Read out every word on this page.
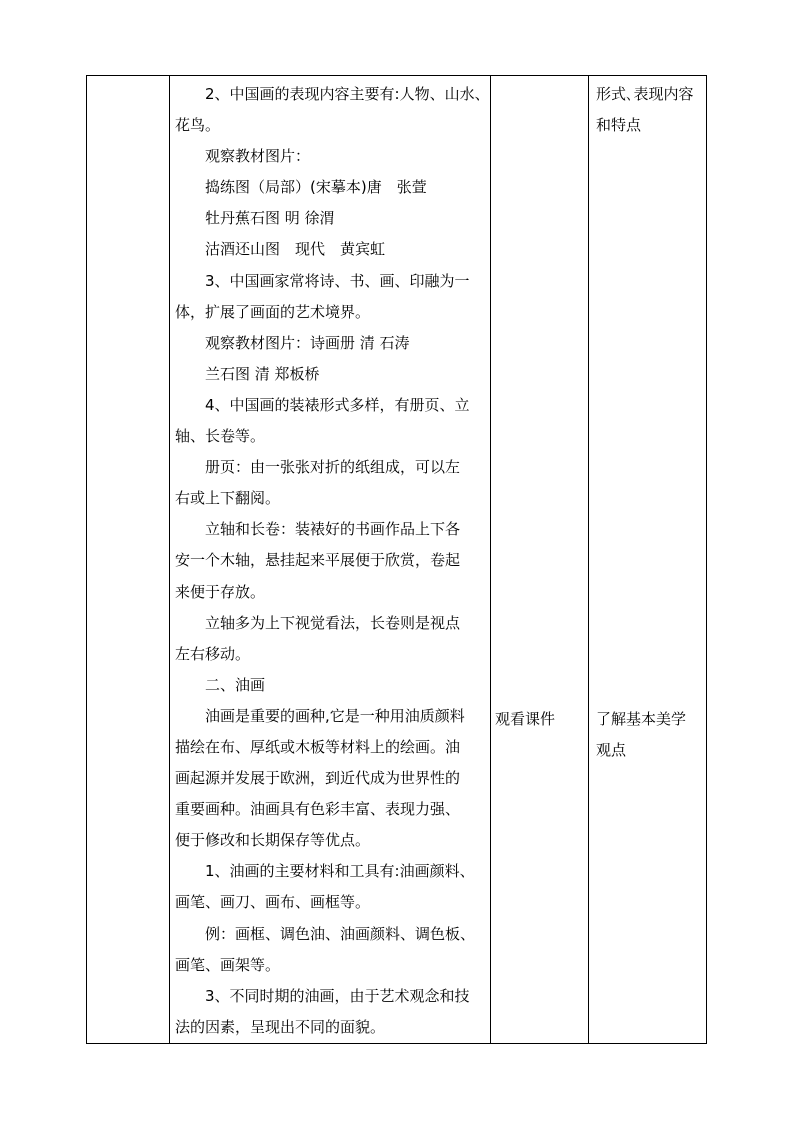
2、中国画的表现内容主要有:人物、山水、
花鸟。
观察教材图片：
捣练图（局部）(宋摹本)唐　张萱
牡丹蕉石图 明 徐渭
沽酒还山图　现代　黄宾虹
3、中国画家常将诗、书、画、印融为一
体，扩展了画面的艺术境界。
观察教材图片：诗画册 清 石涛
兰石图 清 郑板桥
4、中国画的装裱形式多样，有册页、立
轴、长卷等。
册页：由一张张对折的纸组成，可以左
右或上下翻阅。
立轴和长卷：装裱好的书画作品上下各
安一个木轴，悬挂起来平展便于欣赏，卷起
来便于存放。
立轴多为上下视觉看法，长卷则是视点
左右移动。
二、油画
油画是重要的画种,它是一种用油质颜料
描绘在布、厚纸或木板等材料上的绘画。油
画起源并发展于欧洲，到近代成为世界性的
重要画种。油画具有色彩丰富、表现力强、
便于修改和长期保存等优点。
1、油画的主要材料和工具有:油画颜料、
画笔、画刀、画布、画框等。
例：画框、调色油、油画颜料、调色板、
画笔、画架等。
3、不同时期的油画，由于艺术观念和技
法的因素，呈现出不同的面貌。
观看课件
形式､表现内容
和特点
了解基本美学
观点
